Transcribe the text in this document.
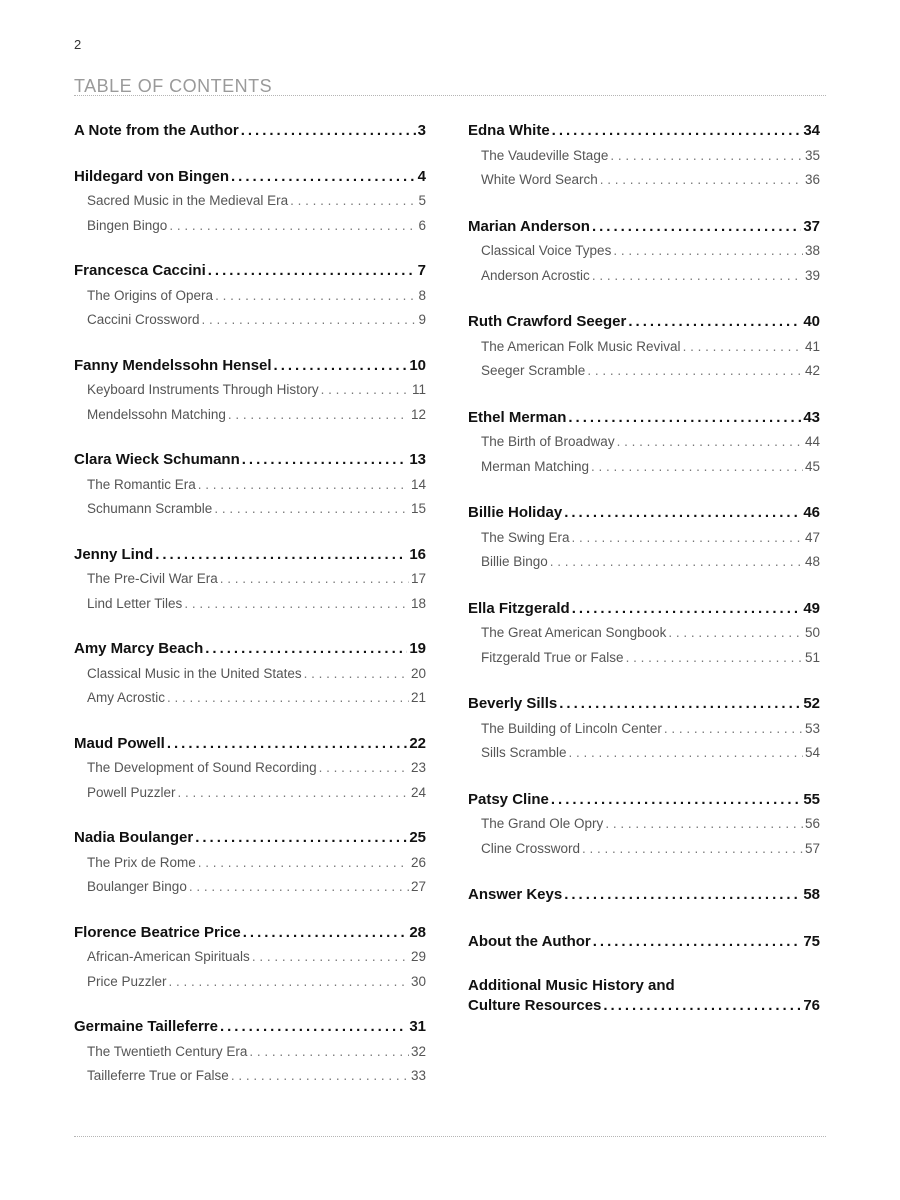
2
TABLE OF CONTENTS
A Note from the Author .....	3
Hildegard von Bingen .....	4
Sacred Music in the Medieval Era . . .	5
Bingen Bingo . . .	6
Francesca Caccini .....	7
The Origins of Opera . . .	8
Caccini Crossword . . .	9
Fanny Mendelssohn Hensel .....	10
Keyboard Instruments Through History . . .	11
Mendelssohn Matching . . .	12
Clara Wieck Schumann .....	13
The Romantic Era . . .	14
Schumann Scramble . . .	15
Jenny Lind .....	16
The Pre-Civil War Era . . .	17
Lind Letter Tiles . . .	18
Amy Marcy Beach .....	19
Classical Music in the United States . . .	20
Amy Acrostic . . .	21
Maud Powell .....	22
The Development of Sound Recording . . .	23
Powell Puzzler . . .	24
Nadia Boulanger .....	25
The Prix de Rome . . .	26
Boulanger Bingo . . .	27
Florence Beatrice Price .....	28
African-American Spirituals . . .	29
Price Puzzler . . .	30
Germaine Tailleferre .....	31
The Twentieth Century Era . . .	32
Tailleferre True or False . . .	33
Edna White .....	34
The Vaudeville Stage . . .	35
White Word Search . . .	36
Marian Anderson .....	37
Classical Voice Types . . .	38
Anderson Acrostic . . .	39
Ruth Crawford Seeger .....	40
The American Folk Music Revival . . .	41
Seeger Scramble . . .	42
Ethel Merman .....	43
The Birth of Broadway . . .	44
Merman Matching . . .	45
Billie Holiday .....	46
The Swing Era . . .	47
Billie Bingo . . .	48
Ella Fitzgerald .....	49
The Great American Songbook . . .	50
Fitzgerald True or False . . .	51
Beverly Sills .....	52
The Building of Lincoln Center . . .	53
Sills Scramble . . .	54
Patsy Cline .....	55
The Grand Ole Opry . . .	56
Cline Crossword . . .	57
Answer Keys .....	58
About the Author .....	75
Additional Music History and
Culture Resources .....	76
